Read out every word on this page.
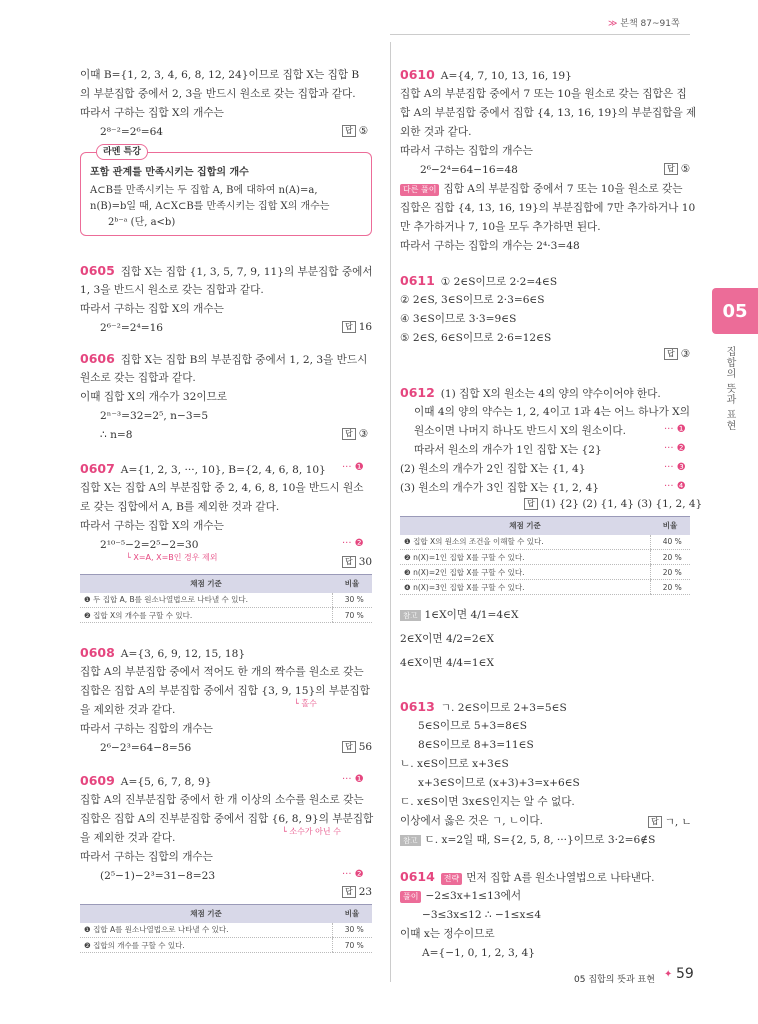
≫ 본책 87~91쪽
05
집합의 뜻과 표현
이때 B={1, 2, 3, 4, 6, 8, 12, 24}이므로 집합 X는 집합 B
의 부분집합 중에서 2, 3을 반드시 원소로 갖는 집합과 같다.
따라서 구하는 집합 X의 개수는
2⁸⁻²=2⁶=64	답 ⑤
라멘 특강
포함 관계를 만족시키는 집합의 개수
A⊂B를 만족시키는 두 집합 A, B에 대하여 n(A)=a,
n(B)=b일 때, A⊂X⊂B를 만족시키는 집합 X의 개수는
2ᵇ⁻ᵃ (단, a<b)
0605 집합 X는 집합 {1, 3, 5, 7, 9, 11}의 부분집합 중에서
1, 3을 반드시 원소로 갖는 집합과 같다.
따라서 구하는 집합 X의 개수는
2⁶⁻²=2⁴=16	답 16
0606 집합 X는 집합 B의 부분집합 중에서 1, 2, 3을 반드시
원소로 갖는 집합과 같다.
이때 집합 X의 개수가 32이므로
2ⁿ⁻³=32=2⁵, n−3=5
∴ n=8	답 ③
0607 A={1, 2, 3, ···, 10}, B={2, 4, 6, 8, 10} ··· ❶
집합 X는 집합 A의 부분집합 중 2, 4, 6, 8, 10을 반드시 원소
로 갖는 집합에서 A, B를 제외한 것과 같다.
따라서 구하는 집합 X의 개수는
2¹⁰⁻⁵−2=2⁵−2=30	··· ❷
└ X=A, X=B인 경우 제외	답 30
채점 기준	비율
❶ 두 집합 A, B를 원소나열법으로 나타낼 수 있다.	30 %
❷ 집합 X의 개수를 구할 수 있다.	70 %
0608 A={3, 6, 9, 12, 15, 18}
집합 A의 부분집합 중에서 적어도 한 개의 짝수를 원소로 갖는
집합은 집합 A의 부분집합 중에서 집합 {3, 9, 15}의 부분집합
└ 홀수
을 제외한 것과 같다.
따라서 구하는 집합의 개수는
2⁶−2³=64−8=56	답 56
0609 A={5, 6, 7, 8, 9}	··· ❶
집합 A의 진부분집합 중에서 한 개 이상의 소수를 원소로 갖는
집합은 집합 A의 진부분집합 중에서 집합 {6, 8, 9}의 부분집합
└ 소수가 아닌 수
을 제외한 것과 같다.
따라서 구하는 집합의 개수는
(2⁵−1)−2³=31−8=23	··· ❷
답 23
채점 기준	비율
❶ 집합 A를 원소나열법으로 나타낼 수 있다.	30 %
❷ 집합의 개수를 구할 수 있다.	70 %
0610 A={4, 7, 10, 13, 16, 19}
집합 A의 부분집합 중에서 7 또는 10을 원소로 갖는 집합은 집
합 A의 부분집합 중에서 집합 {4, 13, 16, 19}의 부분집합을 제
외한 것과 같다.
따라서 구하는 집합의 개수는
2⁶−2⁴=64−16=48	답 ⑤
다른 풀이 집합 A의 부분집합 중에서 7 또는 10을 원소로 갖는
집합은 집합 {4, 13, 16, 19}의 부분집합에 7만 추가하거나 10
만 추가하거나 7, 10을 모두 추가하면 된다.
따라서 구하는 집합의 개수는 2⁴·3=48
0611 ① 2∈S이므로 2·2=4∈S
② 2∈S, 3∈S이므로 2·3=6∈S
④ 3∈S이므로 3·3=9∈S
⑤ 2∈S, 6∈S이므로 2·6=12∈S
답 ③
0612 (1) 집합 X의 원소는 4의 양의 약수이어야 한다.
이때 4의 양의 약수는 1, 2, 4이고 1과 4는 어느 하나가 X의
원소이면 나머지 하나도 반드시 X의 원소이다.	··· ❶
따라서 원소의 개수가 1인 집합 X는 {2}	··· ❷
(2) 원소의 개수가 2인 집합 X는 {1, 4}	··· ❸
(3) 원소의 개수가 3인 집합 X는 {1, 2, 4}	··· ❹
답 (1) {2} (2) {1, 4} (3) {1, 2, 4}
채점 기준	비율
❶ 집합 X의 원소의 조건을 이해할 수 있다.	40 %
❷ n(X)=1인 집합 X를 구할 수 있다.	20 %
❸ n(X)=2인 집합 X를 구할 수 있다.	20 %
❹ n(X)=3인 집합 X를 구할 수 있다.	20 %
참고 1∈X이면 4/1=4∈X
2∈X이면 4/2=2∈X
4∈X이면 4/4=1∈X
0613 ㄱ. 2∈S이므로 2+3=5∈S
5∈S이므로 5+3=8∈S
8∈S이므로 8+3=11∈S
ㄴ. x∈S이므로 x+3∈S
x+3∈S이므로 (x+3)+3=x+6∈S
ㄷ. x∈S이면 3x∈S인지는 알 수 없다.
이상에서 옳은 것은 ㄱ, ㄴ이다.	답 ㄱ, ㄴ
참고 ㄷ. x=2일 때, S={2, 5, 8, ···}이므로 3·2=6∉S
0614 전략 먼저 집합 A를 원소나열법으로 나타낸다.
풀이 −2≤3x+1≤13에서
−3≤3x≤12 ∴ −1≤x≤4
이때 x는 정수이므로
A={−1, 0, 1, 2, 3, 4}
05 집합의 뜻과 표현 ✦ 59
